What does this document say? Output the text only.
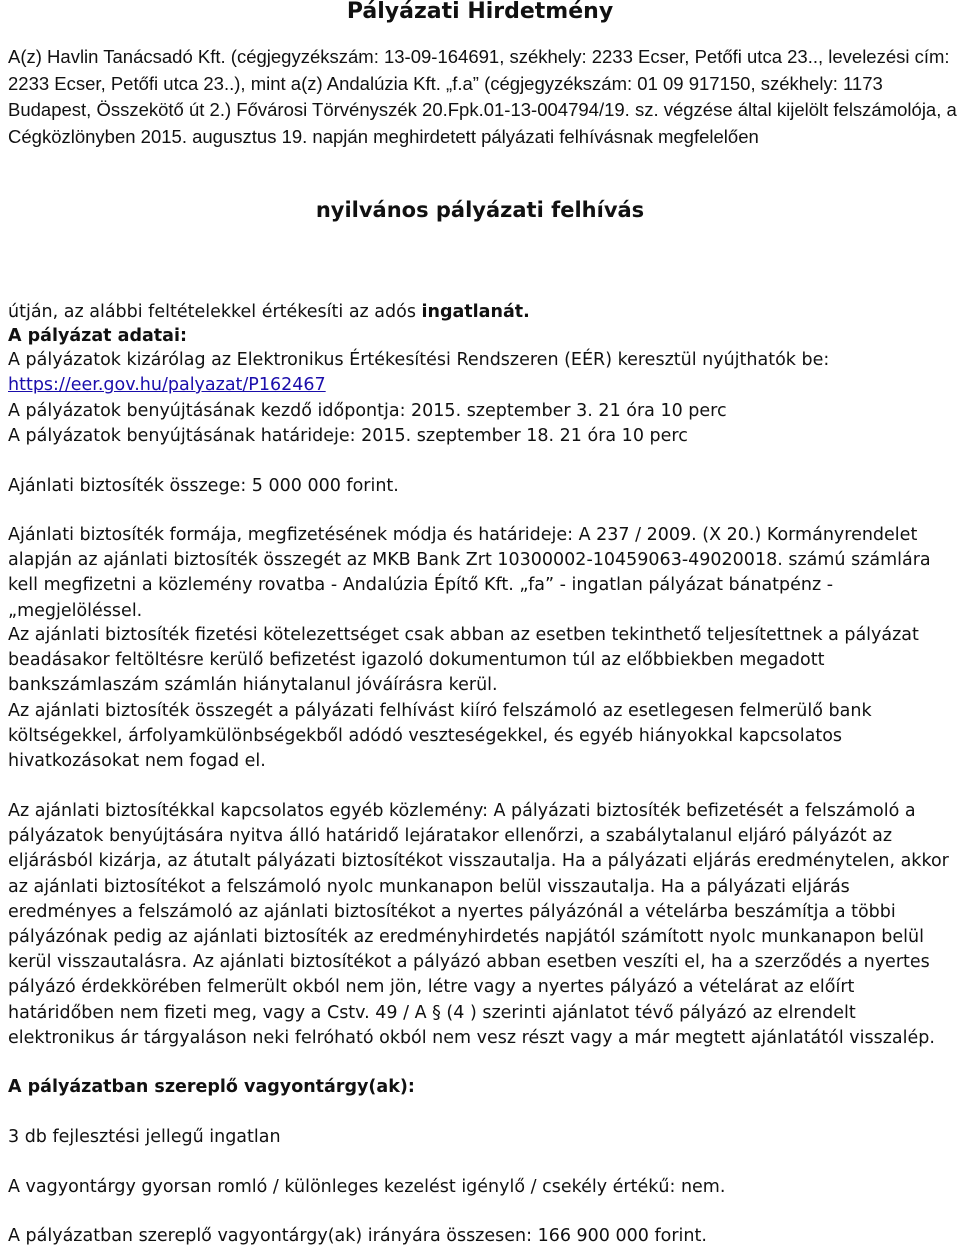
Pályázati Hirdetmény

A(z) Havlin Tanácsadó Kft. (cégjegyzékszám: 13-09-164691, székhely: 2233 Ecser, Petőfi utca 23.., levelezési cím: 2233 Ecser, Petőfi utca 23..), mint a(z) Andalúzia Kft. „f.a” (cégjegyzékszám: 01 09 917150, székhely: 1173 Budapest, Összekötő út 2.) Fővárosi Törvényszék 20.Fpk.01-13-004794/19. sz. végzése által kijelölt felszámolója, a Cégközlönyben 2015. augusztus 19. napján meghirdetett pályázati felhívásnak megfelelően

nyilvános pályázati felhívás

útján, az alábbi feltételekkel értékesíti az adós ingatlanát.

A pályázat adatai:

A pályázatok kizárólag az Elektronikus Értékesítési Rendszeren (EÉR) keresztül nyújthatók be:

https://eer.gov.hu/palyazat/P162467

A pályázatok benyújtásának kezdő időpontja: 2015. szeptember 3. 21 óra 10 perc

A pályázatok benyújtásának határideje: 2015. szeptember 18. 21 óra 10 perc

Ajánlati biztosíték összege: 5 000 000 forint.

Ajánlati biztosíték formája, megfizetésének módja és határideje: A 237 / 2009. (X 20.) Kormányrendelet alapján az ajánlati biztosíték összegét az MKB Bank Zrt 10300002-10459063-49020018. számú számlára kell megfizetni a közlemény rovatba - Andalúzia Építő Kft. „fa” - ingatlan pályázat bánatpénz - „megjelöléssel.

Az ajánlati biztosíték fizetési kötelezettséget csak abban az esetben tekinthető teljesítettnek a pályázat beadásakor feltöltésre kerülő befizetést igazoló dokumentumon túl az előbbiekben megadott bankszámlaszám számlán hiánytalanul jóváírásra kerül.

Az ajánlati biztosíték összegét a pályázati felhívást kiíró felszámoló az esetlegesen felmerülő bank költségekkel, árfolyamkülönbségekből adódó veszteségekkel, és egyéb hiányokkal kapcsolatos hivatkozásokat nem fogad el.

Az ajánlati biztosítékkal kapcsolatos egyéb közlemény: A pályázati biztosíték befizetését a felszámoló a pályázatok benyújtására nyitva álló határidő lejáratakor ellenőrzi, a szabálytalanul eljáró pályázót az eljárásból kizárja, az átutalt pályázati biztosítékot visszautalja. Ha a pályázati eljárás eredménytelen, akkor az ajánlati biztosítékot a felszámoló nyolc munkanapon belül visszautalja. Ha a pályázati eljárás eredményes a felszámoló az ajánlati biztosítékot a nyertes pályázónál a vételárba beszámítja a többi pályázónak pedig az ajánlati biztosíték az eredményhirdetés napjától számított nyolc munkanapon belül kerül visszautalásra. Az ajánlati biztosítékot a pályázó abban esetben veszíti el, ha a szerződés a nyertes pályázó érdekkörében felmerült okból nem jön, létre vagy a nyertes pályázó a vételárat az előírt határidőben nem fizeti meg, vagy a Cstv. 49 / A § (4 ) szerinti ajánlatot tévő pályázó az elrendelt elektronikus ár tárgyaláson neki felróható okból nem vesz részt vagy a már megtett ajánlatától visszalép.

A pályázatban szereplő vagyontárgy(ak):

3 db fejlesztési jellegű ingatlan

A vagyontárgy gyorsan romló / különleges kezelést igénylő / csekély értékű: nem.

A pályázatban szereplő vagyontárgy(ak) irányára összesen: 166 900 000 forint.
